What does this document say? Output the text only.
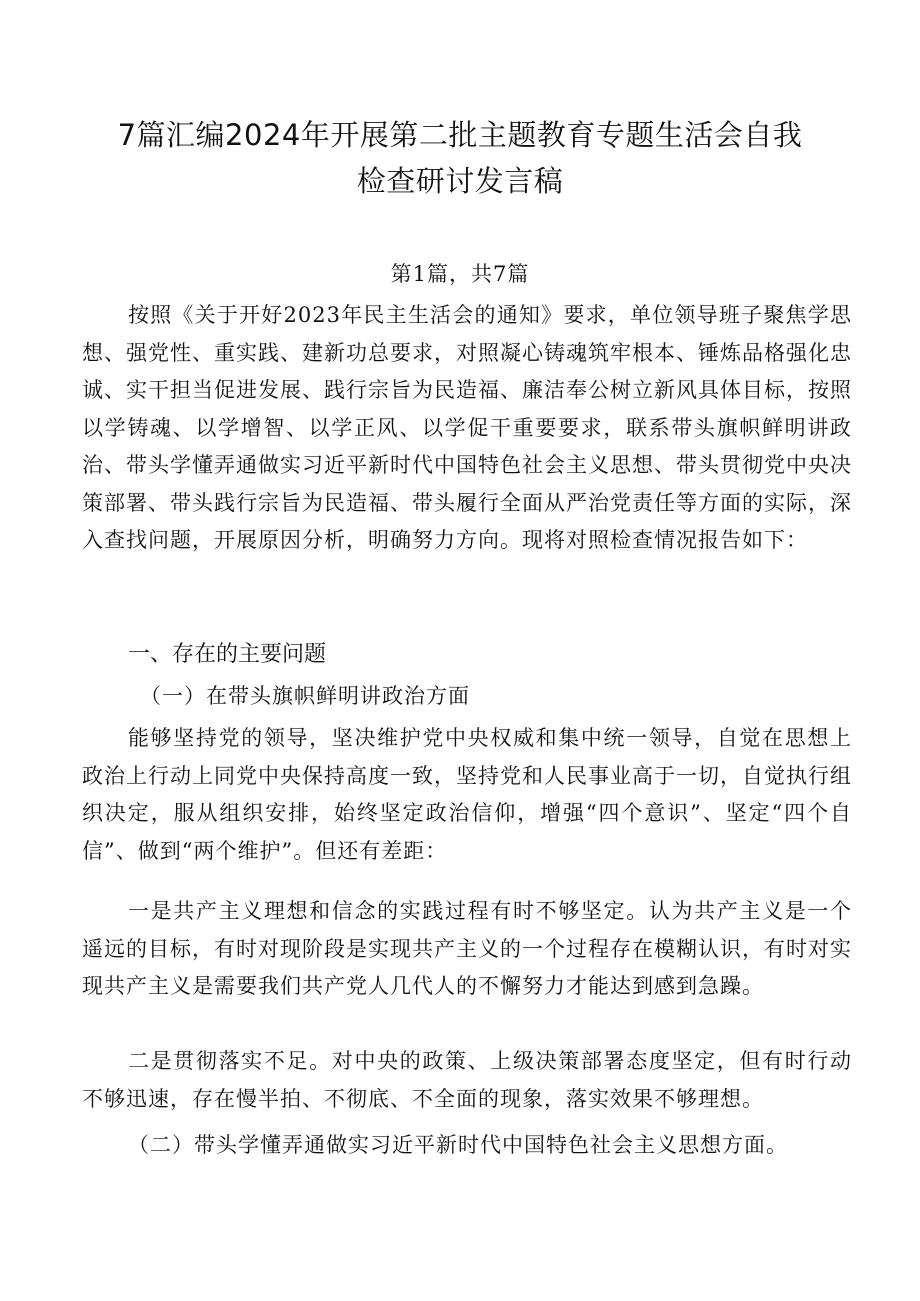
7篇汇编2024年开展第二批主题教育专题生活会自我
检查研讨发言稿

第1篇，共7篇

按照《关于开好2023年民主生活会的通知》要求，单位领导班子聚焦学思想、强党性、重实践、建新功总要求，对照凝心铸魂筑牢根本、锤炼品格强化忠诚、实干担当促进发展、践行宗旨为民造福、廉洁奉公树立新风具体目标，按照以学铸魂、以学增智、以学正风、以学促干重要要求，联系带头旗帜鲜明讲政治、带头学懂弄通做实习近平新时代中国特色社会主义思想、带头贯彻党中央决策部署、带头践行宗旨为民造福、带头履行全面从严治党责任等方面的实际，深入查找问题，开展原因分析，明确努力方向。现将对照检查情况报告如下：

一、存在的主要问题

（一）在带头旗帜鲜明讲政治方面

能够坚持党的领导，坚决维护党中央权威和集中统一领导，自觉在思想上政治上行动上同党中央保持高度一致，坚持党和人民事业高于一切，自觉执行组织决定，服从组织安排，始终坚定政治信仰，增强“四个意识”、坚定“四个自信”、做到“两个维护”。但还有差距：

一是共产主义理想和信念的实践过程有时不够坚定。认为共产主义是一个遥远的目标，有时对现阶段是实现共产主义的一个过程存在模糊认识，有时对实现共产主义是需要我们共产党人几代人的不懈努力才能达到感到急躁。

二是贯彻落实不足。对中央的政策、上级决策部署态度坚定，但有时行动不够迅速，存在慢半拍、不彻底、不全面的现象，落实效果不够理想。

（二）带头学懂弄通做实习近平新时代中国特色社会主义思想方面。
